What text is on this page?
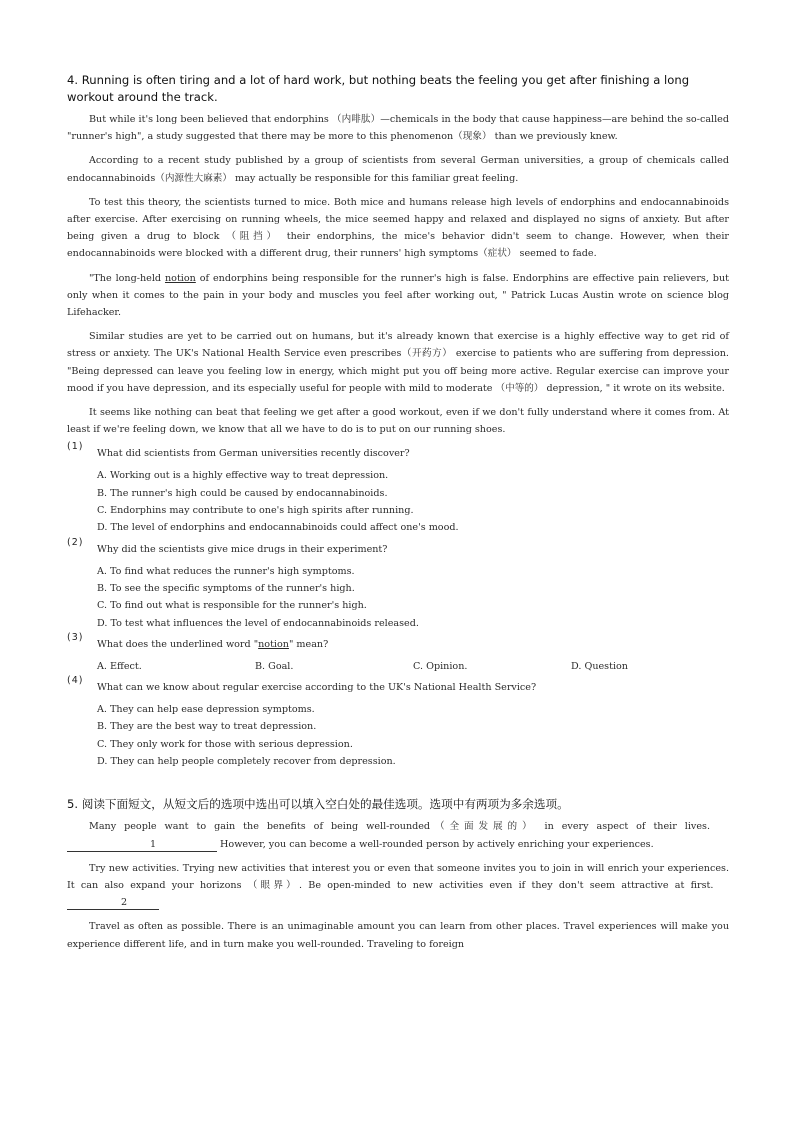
4. Running is often tiring and a lot of hard work, but nothing beats the feeling you get after finishing a long workout around the track.

But while it's long been believed that endorphins （内啡肽）—chemicals in the body that cause happiness—are behind the so-called "runner's high", a study suggested that there may be more to this phenomenon（现象） than we previously knew.

According to a recent study published by a group of scientists from several German universities, a group of chemicals called endocannabinoids（内源性大麻素） may actually be responsible for this familiar great feeling.

To test this theory, the scientists turned to mice. Both mice and humans release high levels of endorphins and endocannabinoids after exercise. After exercising on running wheels, the mice seemed happy and relaxed and displayed no signs of anxiety. But after being given a drug to block （阻挡） their endorphins, the mice's behavior didn't seem to change. However, when their endocannabinoids were blocked with a different drug, their runners' high symptoms（症状） seemed to fade.

"The long-held notion of endorphins being responsible for the runner's high is false. Endorphins are effective pain relievers, but only when it comes to the pain in your body and muscles you feel after working out, " Patrick Lucas Austin wrote on science blog Lifehacker.

Similar studies are yet to be carried out on humans, but it's already known that exercise is a highly effective way to get rid of stress or anxiety. The UK's National Health Service even prescribes（开药方） exercise to patients who are suffering from depression. "Being depressed can leave you feeling low in energy, which might put you off being more active. Regular exercise can improve your mood if you have depression, and its especially useful for people with mild to moderate （中等的） depression, " it wrote on its website.

It seems like nothing can beat that feeling we get after a good workout, even if we don't fully understand where it comes from. At least if we're feeling down, we know that all we have to do is to put on our running shoes.

(1)
What did scientists from German universities recently discover?
A. Working out is a highly effective way to treat depression.
B. The runner's high could be caused by endocannabinoids.
C. Endorphins may contribute to one's high spirits after running.
D. The level of endorphins and endocannabinoids could affect one's mood.
(2)
Why did the scientists give mice drugs in their experiment?
A. To find what reduces the runner's high symptoms.
B. To see the specific symptoms of the runner's high.
C. To find out what is responsible for the runner's high.
D. To test what influences the level of endocannabinoids released.
(3)
What does the underlined word "notion" mean?
A. Effect.	B. Goal.	C. Opinion.	D. Question
(4)
What can we know about regular exercise according to the UK's National Health Service?
A. They can help ease depression symptoms.
B. They are the best way to treat depression.
C. They only work for those with serious depression.
D. They can help people completely recover from depression.
5. 阅读下面短文，从短文后的选项中选出可以填入空白处的最佳选项。选项中有两项为多余选项。

Many people want to gain the benefits of being well-rounded（全面发展的） in every aspect of their lives.   1	However, you can become a well-rounded person by actively enriching your experiences.

Try new activities. Trying new activities that interest you or even that someone invites you to join in will enrich your experiences. It can also expand your horizons （眼界）. Be open-minded to new activities even if they don't seem attractive at first.   2

Travel as often as possible. There is an unimaginable amount you can learn from other places. Travel experiences will make you experience different life, and in turn make you well-rounded. Traveling to foreign
